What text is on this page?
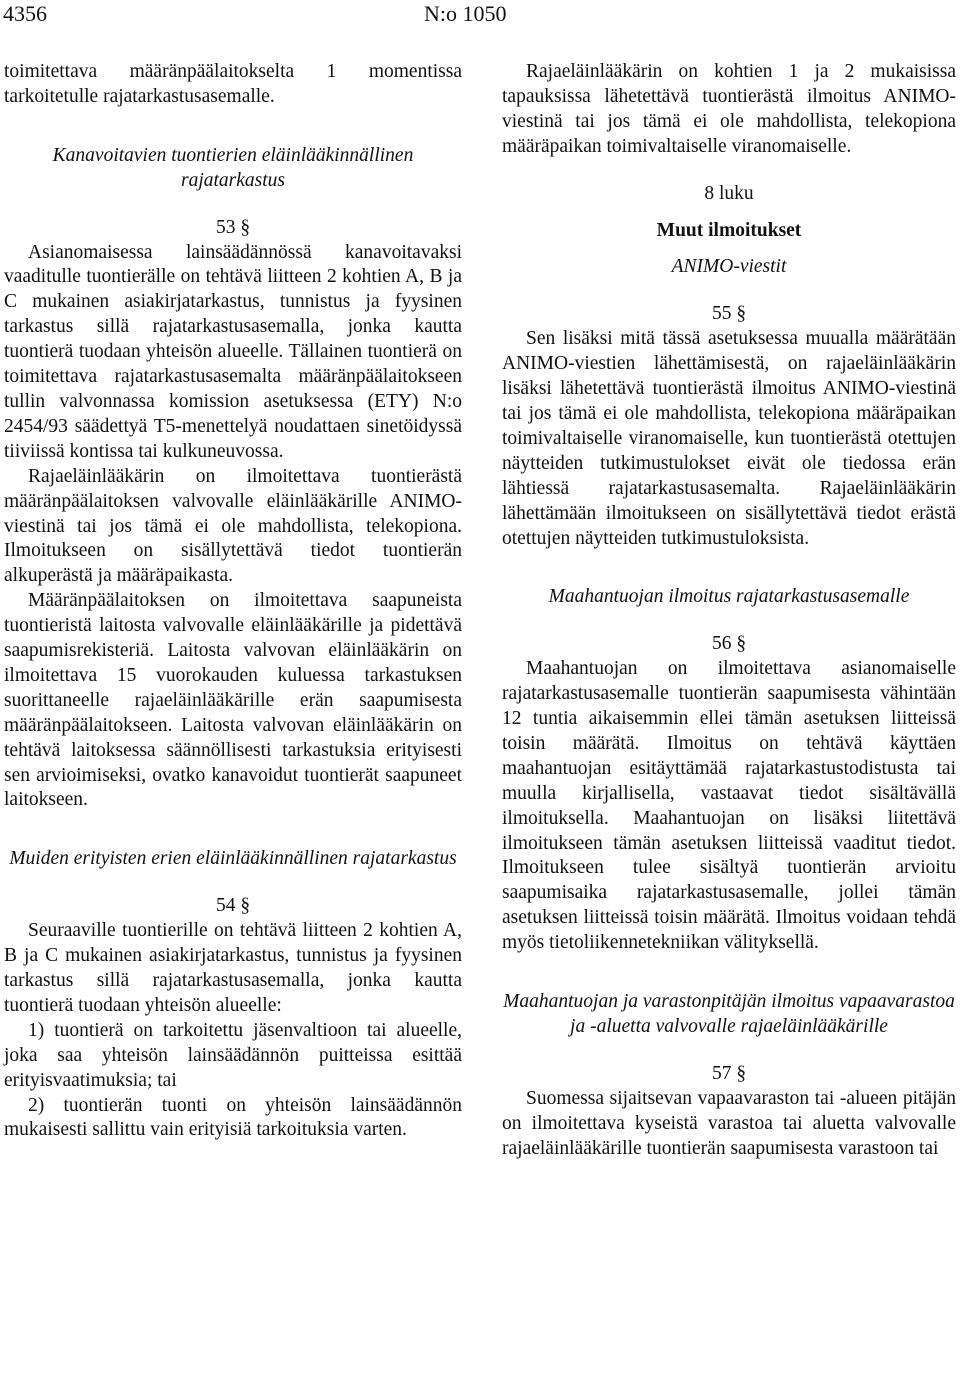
4356	N:o 1050

toimitettava määränpäälaitokselta 1 momentissa tarkoitetulle rajatarkastusasemalle.

Kanavoitavien tuontierien eläinlääkinnällinen rajatarkastus

53 §

Asianomaisessa lainsäädännössä kanavoitavaksi vaaditulle tuontierälle on tehtävä liitteen 2 kohtien A, B ja C mukainen asiakirjatarkastus, tunnistus ja fyysinen tarkastus sillä rajatarkastusasemalla, jonka kautta tuontierä tuodaan yhteisön alueelle. Tällainen tuontierä on toimitettava rajatarkastusasemalta määränpäälaitokseen tullin valvonnassa komission asetuksessa (ETY) N:o 2454/93 säädettyä T5-menettelyä noudattaen sinetöidyssä tiiviissä kontissa tai kulkuneuvossa.

Rajaeläinlääkärin on ilmoitettava tuontierästä määränpäälaitoksen valvovalle eläinlääkärille ANIMO-viestinä tai jos tämä ei ole mahdollista, telekopiona. Ilmoitukseen on sisällytettävä tiedot tuontierän alkuperästä ja määräpaikasta.

Määränpäälaitoksen on ilmoitettava saapuneista tuontieristä laitosta valvovalle eläinlääkärille ja pidettävä saapumisrekisteriä. Laitosta valvovan eläinlääkärin on ilmoitettava 15 vuorokauden kuluessa tarkastuksen suorittaneelle rajaeläinlääkärille erän saapumisesta määränpäälaitokseen. Laitosta valvovan eläinlääkärin on tehtävä laitoksessa säännöllisesti tarkastuksia erityisesti sen arvioimiseksi, ovatko kanavoidut tuontierät saapuneet laitokseen.

Muiden erityisten erien eläinlääkinnällinen rajatarkastus

54 §

Seuraaville tuontierille on tehtävä liitteen 2 kohtien A, B ja C mukainen asiakirjatarkastus, tunnistus ja fyysinen tarkastus sillä rajatarkastusasemalla, jonka kautta tuontierä tuodaan yhteisön alueelle:

1) tuontierä on tarkoitettu jäsenvaltioon tai alueelle, joka saa yhteisön lainsäädännön puitteissa esittää erityisvaatimuksia; tai

2) tuontierän tuonti on yhteisön lainsäädännön mukaisesti sallittu vain erityisiä tarkoituksia varten.

Rajaeläinlääkärin on kohtien 1 ja 2 mukaisissa tapauksissa lähetettävä tuontierästä ilmoitus ANIMO-viestinä tai jos tämä ei ole mahdollista, telekopiona määräpaikan toimivaltaiselle viranomaiselle.

8 luku

Muut ilmoitukset

ANIMO-viestit

55 §

Sen lisäksi mitä tässä asetuksessa muualla määrätään ANIMO-viestien lähettämisestä, on rajaeläinlääkärin lisäksi lähetettävä tuontierästä ilmoitus ANIMO-viestinä tai jos tämä ei ole mahdollista, telekopiona määräpaikan toimivaltaiselle viranomaiselle, kun tuontierästä otettujen näytteiden tutkimustulokset eivät ole tiedossa erän lähtiessä rajatarkastusasemalta. Rajaeläinlääkärin lähettämään ilmoitukseen on sisällytettävä tiedot erästä otettujen näytteiden tutkimustuloksista.

Maahantuojan ilmoitus rajatarkastusasemalle

56 §

Maahantuojan on ilmoitettava asianomaiselle rajatarkastusasemalle tuontierän saapumisesta vähintään 12 tuntia aikaisemmin ellei tämän asetuksen liitteissä toisin määrätä. Ilmoitus on tehtävä käyttäen maahantuojan esitäyttämää rajatarkastustodistusta tai muulla kirjallisella, vastaavat tiedot sisältävällä ilmoituksella. Maahantuojan on lisäksi liitettävä ilmoitukseen tämän asetuksen liitteissä vaaditut tiedot. Ilmoitukseen tulee sisältyä tuontierän arvioitu saapumisaika rajatarkastusasemalle, jollei tämän asetuksen liitteissä toisin määrätä. Ilmoitus voidaan tehdä myös tietoliikennetekniikan välityksellä.

Maahantuojan ja varastonpitäjän ilmoitus vapaavarastoa ja -aluetta valvovalle rajaeläinlääkärille

57 §

Suomessa sijaitsevan vapaavaraston tai -alueen pitäjän on ilmoitettava kyseistä varastoa tai aluetta valvovalle rajaeläinlääkärille tuontierän saapumisesta varastoon tai
